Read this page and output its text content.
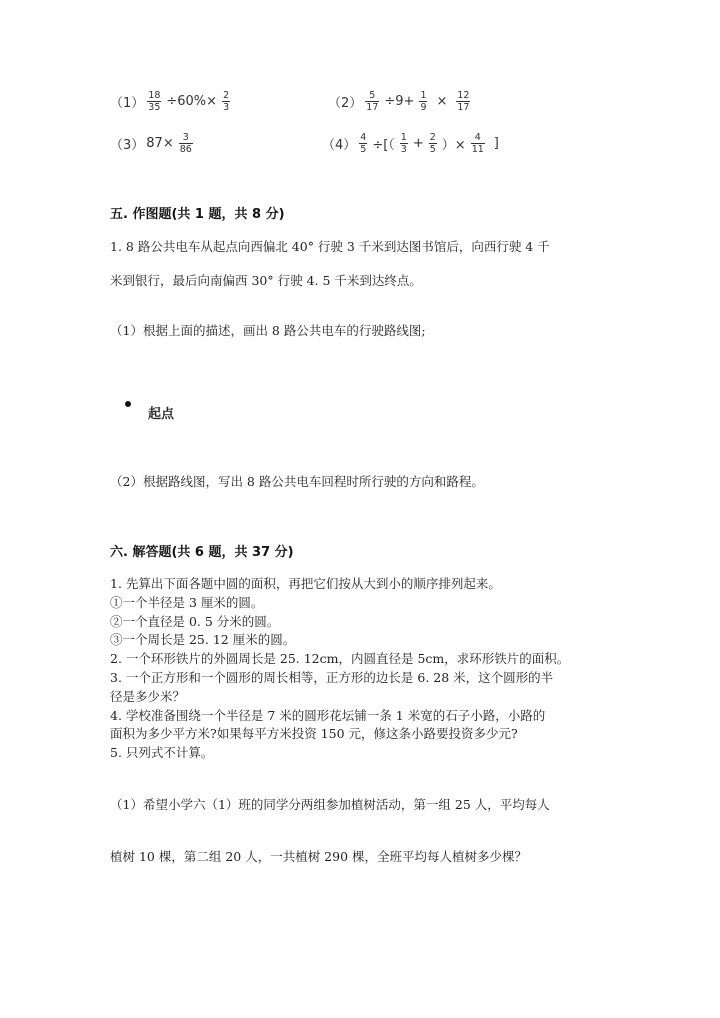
$(1) \frac{18}{35} \div 60\%\times \frac{2}{3}$	$(2) \frac{5}{17} \div 9+ \frac{1}{9} \times \frac{12}{17}$
（3） $87\times \frac{3}{86}$	$(4) \frac{4}{5}$ ÷[（ $\frac{1}{3} + \frac{2}{5}$ ）× $\frac{4}{11}$ ]
五. 作图题(共 1 题，共 8 分)
1. 8 路公共电车从起点向西偏北 40° 行驶 3 千米到达图书馆后，向西行驶 4 千
米到银行，最后向南偏西 30° 行驶 4. 5 千米到达终点。
（1）根据上面的描述，画出 8 路公共电车的行驶路线图;
起点
（2）根据路线图，写出 8 路公共电车回程时所行驶的方向和路程。
六. 解答题(共 6 题，共 37 分)
1. 先算出下面各题中圆的面积，再把它们按从大到小的顺序排列起来。
①一个半径是 3 厘米的圆。
②一个直径是 0. 5 分米的圆。
③一个周长是 25. 12 厘米的圆。
2. 一个环形铁片的外圆周长是 25. 12cm，内圆直径是 5cm，求环形铁片的面积。
3. 一个正方形和一个圆形的周长相等，正方形的边长是 6. 28 米，这个圆形的半
径是多少米？
4. 学校准备围绕一个半径是 7 米的圆形花坛铺一条 1 米宽的石子小路，小路的
面积为多少平方米?如果每平方米投资 150 元，修这条小路要投资多少元?
5. 只列式不计算。
（1）希望小学六（1）班的同学分两组参加植树活动，第一组 25 人，平均每人
植树 10 棵，第二组 20 人，一共植树 290 棵，全班平均每人植树多少棵？
